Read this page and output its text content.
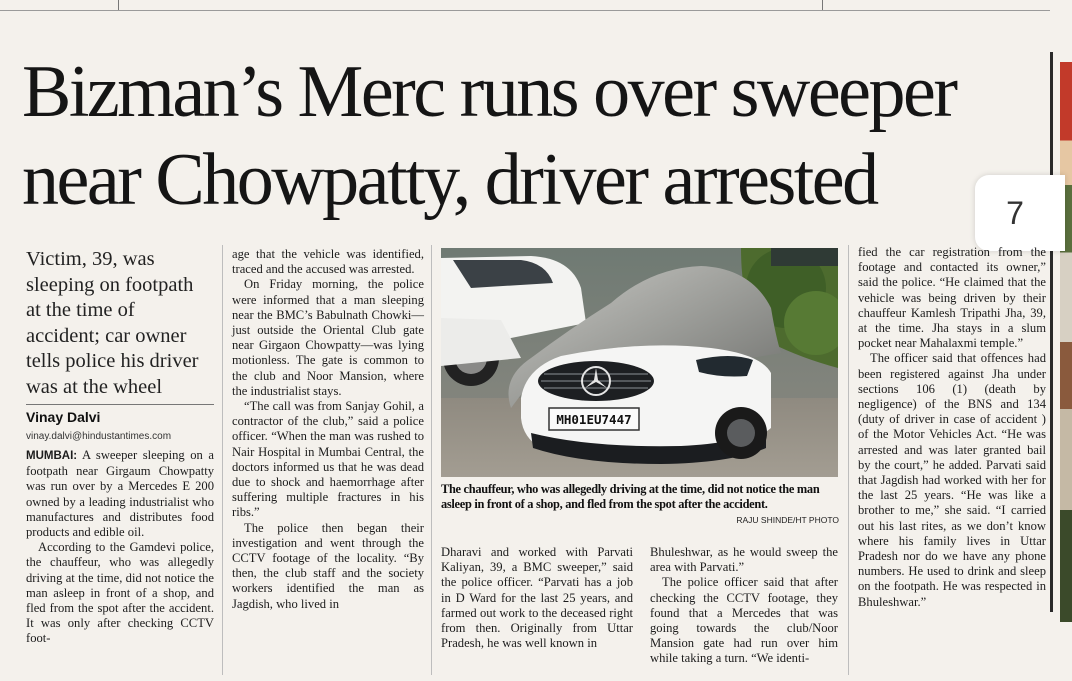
Bizman’s Merc runs over sweeper near Chowpatty, driver arrested	7

Victim, 39, was sleeping on footpath at the time of accident; car owner tells police his driver was at the wheel

Vinay Dalvi
vinay.dalvi@hindustantimes.com

MUMBAI: A sweeper sleeping on a footpath near Girgaum Chowpatty was run over by a Mercedes E 200 owned by a leading industrialist who manufactures and distributes food products and edible oil.

According to the Gamdevi police, the chauffeur, who was allegedly driving at the time, did not notice the man asleep in front of a shop, and fled from the spot after the accident. It was only after checking CCTV foot-

age that the vehicle was identified, traced and the accused was arrested.

On Friday morning, the police were informed that a man sleeping near the BMC’s Babulnath Chowki—just outside the Oriental Club gate near Girgaon Chowpatty—was lying motionless. The gate is common to the club and Noor Mansion, where the industrialist stays.

“The call was from Sanjay Gohil, a contractor of the club,” said a police officer. “When the man was rushed to Nair Hospital in Mumbai Central, the doctors informed us that he was dead due to shock and haemorrhage after suffering multiple fractures in his ribs.”

The police then began their investigation and went through the CCTV footage of the locality. “By then, the club staff and the society workers identified the man as Jagdish, who lived in

MH01EU7447

The chauffeur, who was allegedly driving at the time, did not notice the man asleep in front of a shop, and fled from the spot after the accident.

RAJU SHINDE/HT PHOTO

Dharavi and worked with Parvati Kaliyan, 39, a BMC sweeper,” said the police officer. “Parvati has a job in D Ward for the last 25 years, and farmed out work to the deceased right from then. Originally from Uttar Pradesh, he was well known in

Bhuleshwar, as he would sweep the area with Parvati.”

The police officer said that after checking the CCTV footage, they found that a Mercedes that was going towards the club/Noor Mansion gate had run over him while taking a turn. “We identi-

fied the car registration from the footage and contacted its owner,” said the police. “He claimed that the vehicle was being driven by their chauffeur Kamlesh Tripathi Jha, 39, at the time. Jha stays in a slum pocket near Mahalaxmi temple.”

The officer said that offences had been registered against Jha under sections 106 (1) (death by negligence) of the BNS and 134 (duty of driver in case of accident ) of the Motor Vehicles Act. “He was arrested and was later granted bail by the court,” he added. Parvati said that Jagdish had worked with her for the last 25 years. “He was like a brother to me,” she said. “I carried out his last rites, as we don’t know where his family lives in Uttar Pradesh nor do we have any phone numbers. He used to drink and sleep on the footpath. He was respected in Bhuleshwar.”
